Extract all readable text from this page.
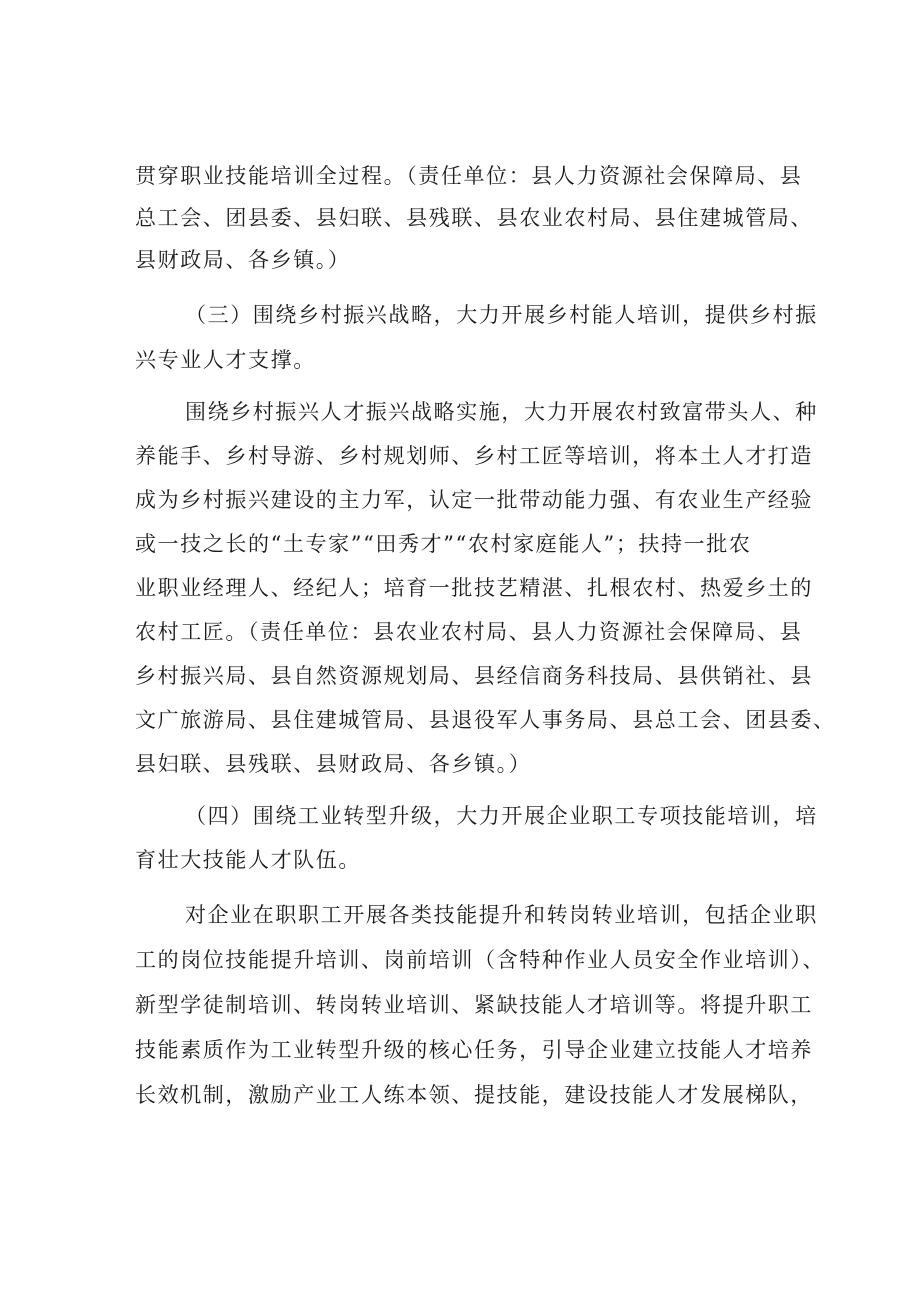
贯穿职业技能培训全过程。（责任单位：县人力资源社会保障局、县
总工会、团县委、县妇联、县残联、县农业农村局、县住建城管局、
县财政局、各乡镇。）
（三）围绕乡村振兴战略，大力开展乡村能人培训，提供乡村振
兴专业人才支撑。
围绕乡村振兴人才振兴战略实施，大力开展农村致富带头人、种
养能手、乡村导游、乡村规划师、乡村工匠等培训，将本土人才打造
成为乡村振兴建设的主力军，认定一批带动能力强、有农业生产经验
或一技之长的“土专家”“田秀才”“农村家庭能人”；扶持一批农
业职业经理人、经纪人；培育一批技艺精湛、扎根农村、热爱乡土的
农村工匠。（责任单位：县农业农村局、县人力资源社会保障局、县
乡村振兴局、县自然资源规划局、县经信商务科技局、县供销社、县
文广旅游局、县住建城管局、县退役军人事务局、县总工会、团县委、
县妇联、县残联、县财政局、各乡镇。）
（四）围绕工业转型升级，大力开展企业职工专项技能培训，培
育壮大技能人才队伍。
对企业在职职工开展各类技能提升和转岗转业培训，包括企业职
工的岗位技能提升培训、岗前培训（含特种作业人员安全作业培训）、
新型学徒制培训、转岗转业培训、紧缺技能人才培训等。将提升职工
技能素质作为工业转型升级的核心任务，引导企业建立技能人才培养
长效机制，激励产业工人练本领、提技能，建设技能人才发展梯队，
